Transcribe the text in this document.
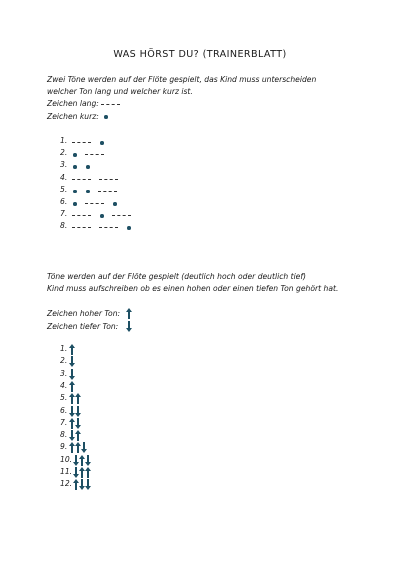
WAS HÖRST DU? (TRAINERBLATT)
Zwei Töne werden auf der Flöte gespielt, das Kind muss unterscheiden
welcher Ton lang und welcher kurz ist.
Zeichen lang:
Zeichen kurz:
1.
2.
3.
4.
5.
6.
7.
8.
Töne werden auf der Flöte gespielt (deutlich hoch oder deutlich tief)
Kind muss aufschreiben ob es einen hohen oder einen tiefen Ton gehört hat.
Zeichen hoher Ton:
Zeichen tiefer Ton:
1.
2.
3.
4.
5.
6.
7.
8.
9.
10.
11.
12.
